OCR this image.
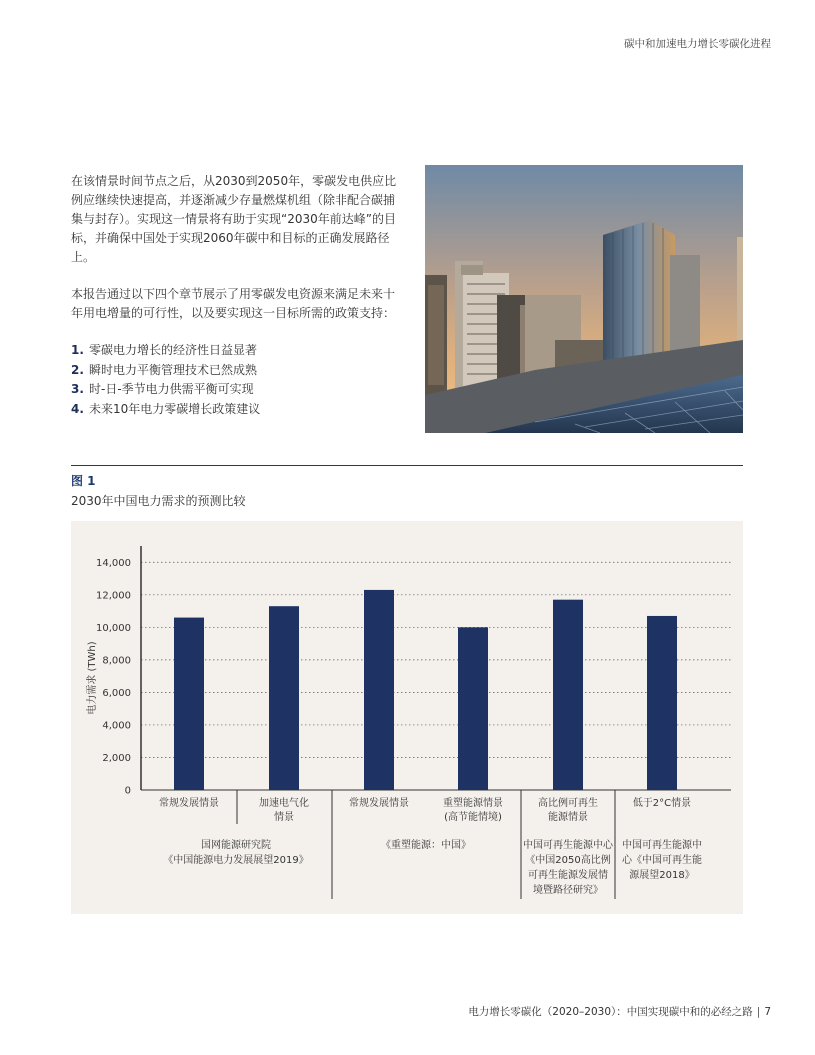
碳中和加速电力增长零碳化进程

在该情景时间节点之后，从2030到2050年，零碳发电供应比例应继续快速提高，并逐渐减少存量燃煤机组（除非配合碳捕集与封存）。实现这一情景将有助于实现“2030年前达峰”的目标，并确保中国处于实现2060年碳中和目标的正确发展路径上。

本报告通过以下四个章节展示了用零碳发电资源来满足未来十年用电增量的可行性，以及要实现这一目标所需的政策支持：

1. 零碳电力增长的经济性日益显著
2. 瞬时电力平衡管理技术已然成熟
3. 时-日-季节电力供需平衡可实现
4. 未来10年电力零碳增长政策建议
图 1
2030年中国电力需求的预测比较
0
2,000
4,000
6,000
8,000
10,000
12,000
14,000
电力需求 (TWh)
常规发展情景	加速电气化
情景
常规发展情景	重塑能源情景
(高节能情境)
高比例可再生
能源情景
低于2°C情景
国网能源研究院
《中国能源电力发展展望2019》
《重塑能源：中国》	中国可再生能源中心
《中国2050高比例
可再生能源发展情
境暨路径研究》
中国可再生能源中
心《中国可再生能
源展望2018》
电力增长零碳化（2020–2030）：中国实现碳中和的必经之路 | 7
